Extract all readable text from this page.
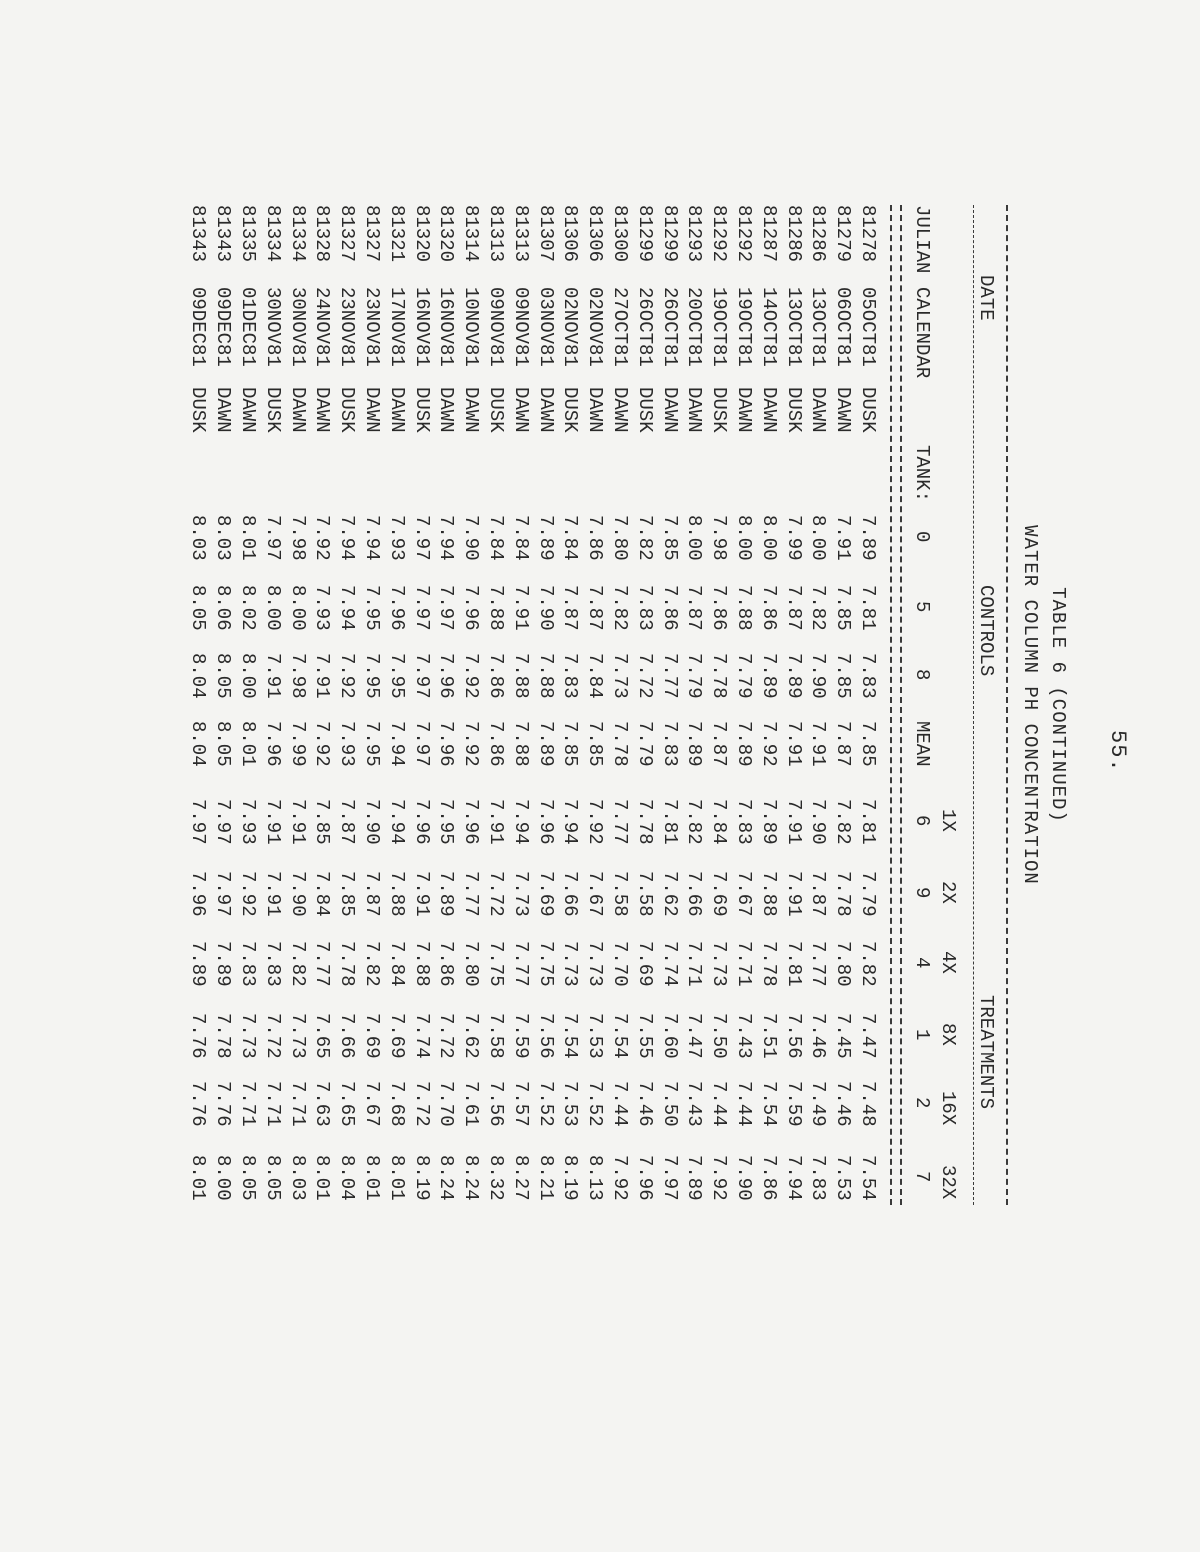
55.

TABLE 6 (CONTINUED)

WATER COLUMN PH CONCENTRATION

DATE

CONTROLS

TREATMENTS

JULIAN

CALENDAR

TANK:

0
5
8
MEAN
1X
6
2X
9
4X
4
8X
1
16X
2
32X
7

81278
05OCT81
DUSK
7.89
7.81
7.83
7.85
7.81
7.79
7.82
7.47
7.48
7.54
81279
06OCT81
DAWN
7.91
7.85
7.85
7.87
7.82
7.78
7.80
7.45
7.46
7.53
81286
13OCT81
DAWN
8.00
7.82
7.90
7.91
7.90
7.87
7.77
7.46
7.49
7.83
81286
13OCT81
DUSK
7.99
7.87
7.89
7.91
7.91
7.91
7.81
7.56
7.59
7.94
81287
14OCT81
DAWN
8.00
7.86
7.89
7.92
7.89
7.88
7.78
7.51
7.54
7.86
81292
19OCT81
DAWN
8.00
7.88
7.79
7.89
7.83
7.67
7.71
7.43
7.44
7.90
81292
19OCT81
DUSK
7.98
7.86
7.78
7.87
7.84
7.69
7.73
7.50
7.44
7.92
81293
20OCT81
DAWN
8.00
7.87
7.79
7.89
7.82
7.66
7.71
7.47
7.43
7.89
81299
26OCT81
DAWN
7.85
7.86
7.77
7.83
7.81
7.62
7.74
7.60
7.50
7.97
81299
26OCT81
DUSK
7.82
7.83
7.72
7.79
7.78
7.58
7.69
7.55
7.46
7.96
81300
27OCT81
DAWN
7.80
7.82
7.73
7.78
7.77
7.58
7.70
7.54
7.44
7.92
81306
02NOV81
DAWN
7.86
7.87
7.84
7.85
7.92
7.67
7.73
7.53
7.52
8.13
81306
02NOV81
DUSK
7.84
7.87
7.83
7.85
7.94
7.66
7.73
7.54
7.53
8.19
81307
03NOV81
DAWN
7.89
7.90
7.88
7.89
7.96
7.69
7.75
7.56
7.52
8.21
81313
09NOV81
DAWN
7.84
7.91
7.88
7.88
7.94
7.73
7.77
7.59
7.57
8.27
81313
09NOV81
DUSK
7.84
7.88
7.86
7.86
7.91
7.72
7.75
7.58
7.56
8.32
81314
10NOV81
DAWN
7.90
7.96
7.92
7.92
7.96
7.77
7.80
7.62
7.61
8.24
81320
16NOV81
DAWN
7.94
7.97
7.96
7.96
7.95
7.89
7.86
7.72
7.70
8.24
81320
16NOV81
DUSK
7.97
7.97
7.97
7.97
7.96
7.91
7.88
7.74
7.72
8.19
81321
17NOV81
DAWN
7.93
7.96
7.95
7.94
7.94
7.88
7.84
7.69
7.68
8.01
81327
23NOV81
DAWN
7.94
7.95
7.95
7.95
7.90
7.87
7.82
7.69
7.67
8.01
81327
23NOV81
DUSK
7.94
7.94
7.92
7.93
7.87
7.85
7.78
7.66
7.65
8.04
81328
24NOV81
DAWN
7.92
7.93
7.91
7.92
7.85
7.84
7.77
7.65
7.63
8.01
81334
30NOV81
DAWN
7.98
8.00
7.98
7.99
7.91
7.90
7.82
7.73
7.71
8.03
81334
30NOV81
DUSK
7.97
8.00
7.91
7.96
7.91
7.91
7.83
7.72
7.71
8.05
81335
01DEC81
DAWN
8.01
8.02
8.00
8.01
7.93
7.92
7.83
7.73
7.71
8.05
81343
09DEC81
DAWN
8.03
8.06
8.05
8.05
7.97
7.97
7.89
7.78
7.76
8.00
81343
09DEC81
DUSK
8.03
8.05
8.04
8.04
7.97
7.96
7.89
7.76
7.76
8.01
